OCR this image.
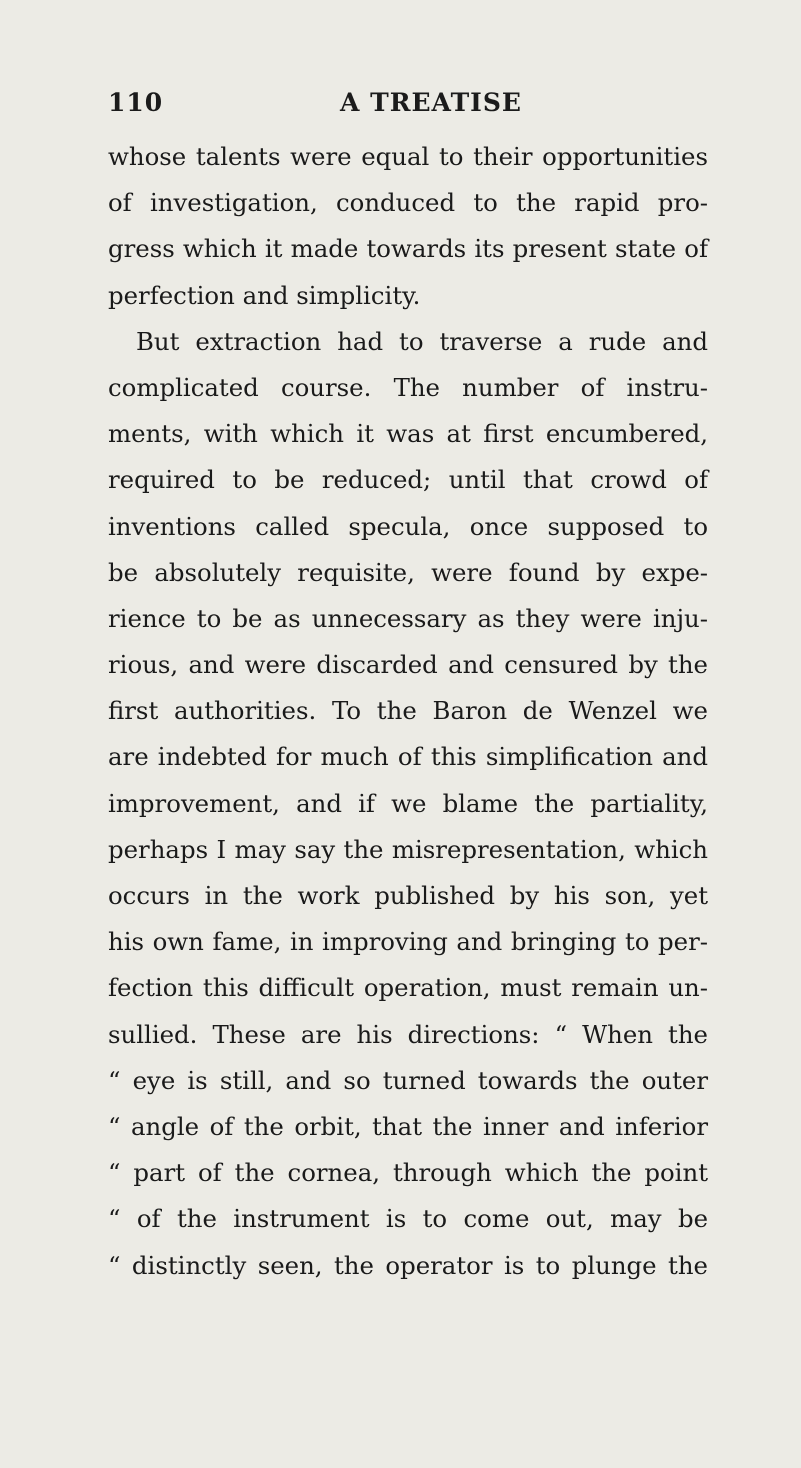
110	A TREATISE
whose talents were equal to their opportunities
of investigation, conduced to the rapid pro-
gress which it made towards its present state of
perfection and simplicity.
But extraction had to traverse a rude and
complicated course. The number of instru-
ments, with which it was at first encumbered,
required to be reduced; until that crowd of
inventions called specula, once supposed to
be absolutely requisite, were found by expe-
rience to be as unnecessary as they were inju-
rious, and were discarded and censured by the
first authorities. To the Baron de Wenzel we
are indebted for much of this simplification and
improvement, and if we blame the partiality,
perhaps I may say the misrepresentation, which
occurs in the work published by his son, yet
his own fame, in improving and bringing to per-
fection this difficult operation, must remain un-
sullied. These are his directions: “ When the
“ eye is still, and so turned towards the outer
“ angle of the orbit, that the inner and inferior
“ part of the cornea, through which the point
“ of the instrument is to come out, may be
“ distinctly seen, the operator is to plunge the
